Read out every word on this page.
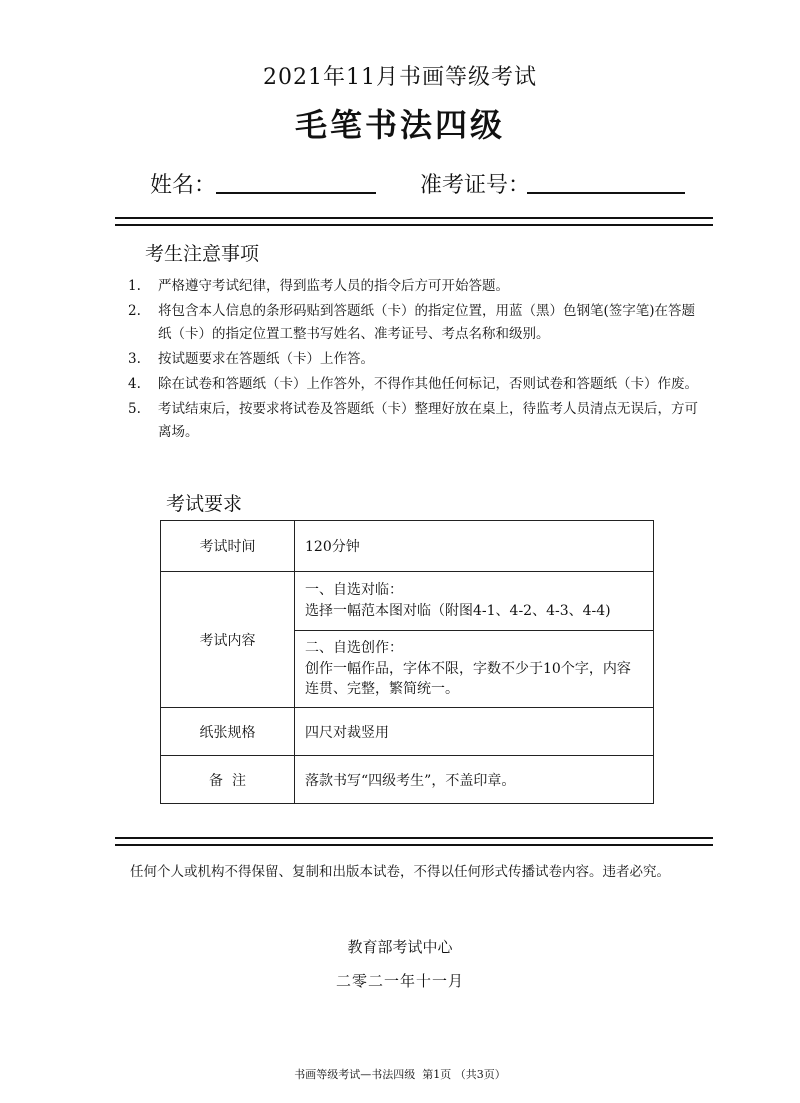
2021年11月书画等级考试
毛笔书法四级
姓名：	准考证号：
考生注意事项
1. 严格遵守考试纪律，得到监考人员的指令后方可开始答题。
2. 将包含本人信息的条形码贴到答题纸（卡）的指定位置，用蓝（黑）色钢笔(签字笔)在答题纸（卡）的指定位置工整书写姓名、准考证号、考点名称和级别。
3. 按试题要求在答题纸（卡）上作答。
4. 除在试卷和答题纸（卡）上作答外，不得作其他任何标记，否则试卷和答题纸（卡）作废。
5. 考试结束后，按要求将试卷及答题纸（卡）整理好放在桌上，待监考人员清点无误后，方可离场。
考试要求
考试时间	120分钟
考试内容	一、自选对临：
选择一幅范本图对临（附图4-1、4-2、4-3、4-4)

	二、自选创作：
创作一幅作品，字体不限，字数不少于10个字，内容连贯、完整，繁简统一。

纸张规格	四尺对裁竖用
备  注	落款书写“四级考生”，不盖印章。
任何个人或机构不得保留、复制和出版本试卷，不得以任何形式传播试卷内容。违者必究。
教育部考试中心
二零二一年十一月
书画等级考试—书法四级  第1页 （共3页）
